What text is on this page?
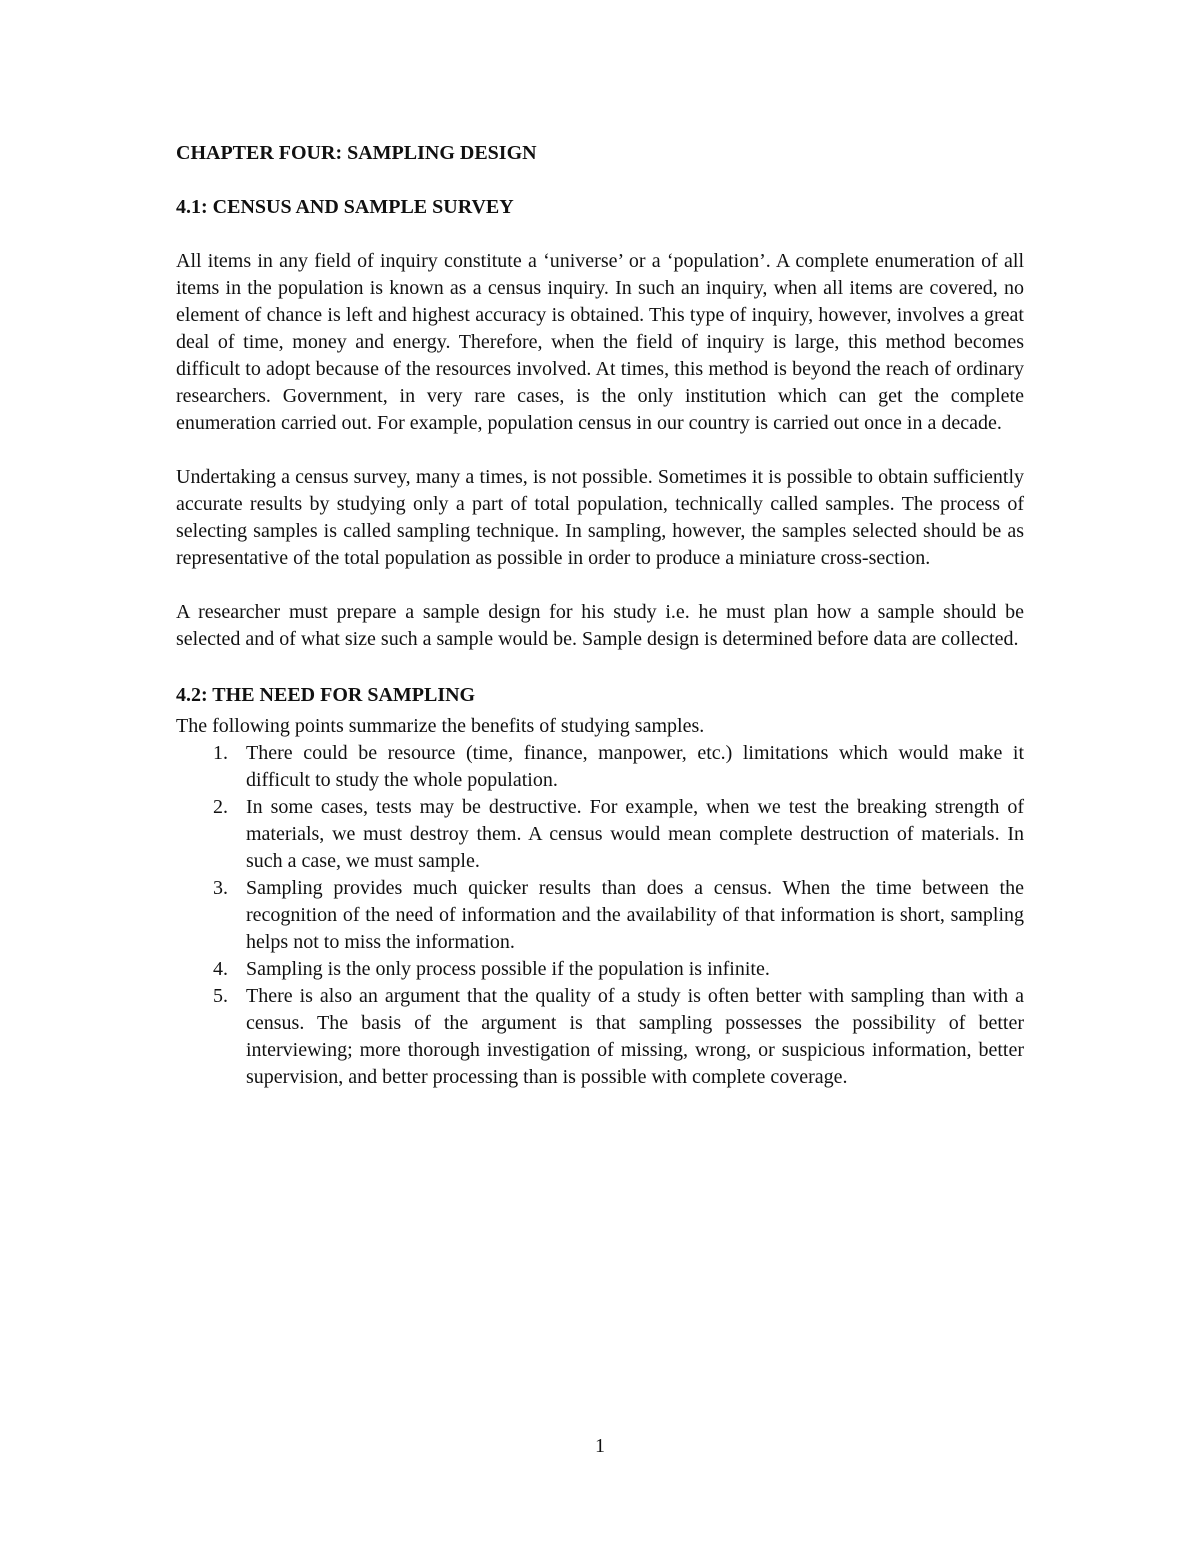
CHAPTER FOUR: SAMPLING DESIGN
4.1: CENSUS AND SAMPLE SURVEY

All items in any field of inquiry constitute a ‘universe’ or a ‘population’. A complete enumeration of all items in the population is known as a census inquiry. In such an inquiry, when all items are covered, no element of chance is left and highest accuracy is obtained. This type of inquiry, however, involves a great deal of time, money and energy. Therefore, when the field of inquiry is large, this method becomes difficult to adopt because of the resources involved. At times, this method is beyond the reach of ordinary researchers. Government, in very rare cases, is the only institution which can get the complete enumeration carried out. For example, population census in our country is carried out once in a decade.

Undertaking a census survey, many a times, is not possible. Sometimes it is possible to obtain sufficiently accurate results by studying only a part of total population, technically called samples. The process of selecting samples is called sampling technique. In sampling, however, the samples selected should be as representative of the total population as possible in order to produce a miniature cross-section.

A researcher must prepare a sample design for his study i.e. he must plan how a sample should be selected and of what size such a sample would be. Sample design is determined before data are collected.

4.2: THE NEED FOR SAMPLING

The following points summarize the benefits of studying samples.

1. There could be resource (time, finance, manpower, etc.) limitations which would make it difficult to study the whole population.
2. In some cases, tests may be destructive. For example, when we test the breaking strength of materials, we must destroy them. A census would mean complete destruction of materials. In such a case, we must sample.
3. Sampling provides much quicker results than does a census. When the time between the recognition of the need of information and the availability of that information is short, sampling helps not to miss the information.
4. Sampling is the only process possible if the population is infinite.
5. There is also an argument that the quality of a study is often better with sampling than with a census. The basis of the argument is that sampling possesses the possibility of better interviewing; more thorough investigation of missing, wrong, or suspicious information, better supervision, and better processing than is possible with complete coverage.
1
